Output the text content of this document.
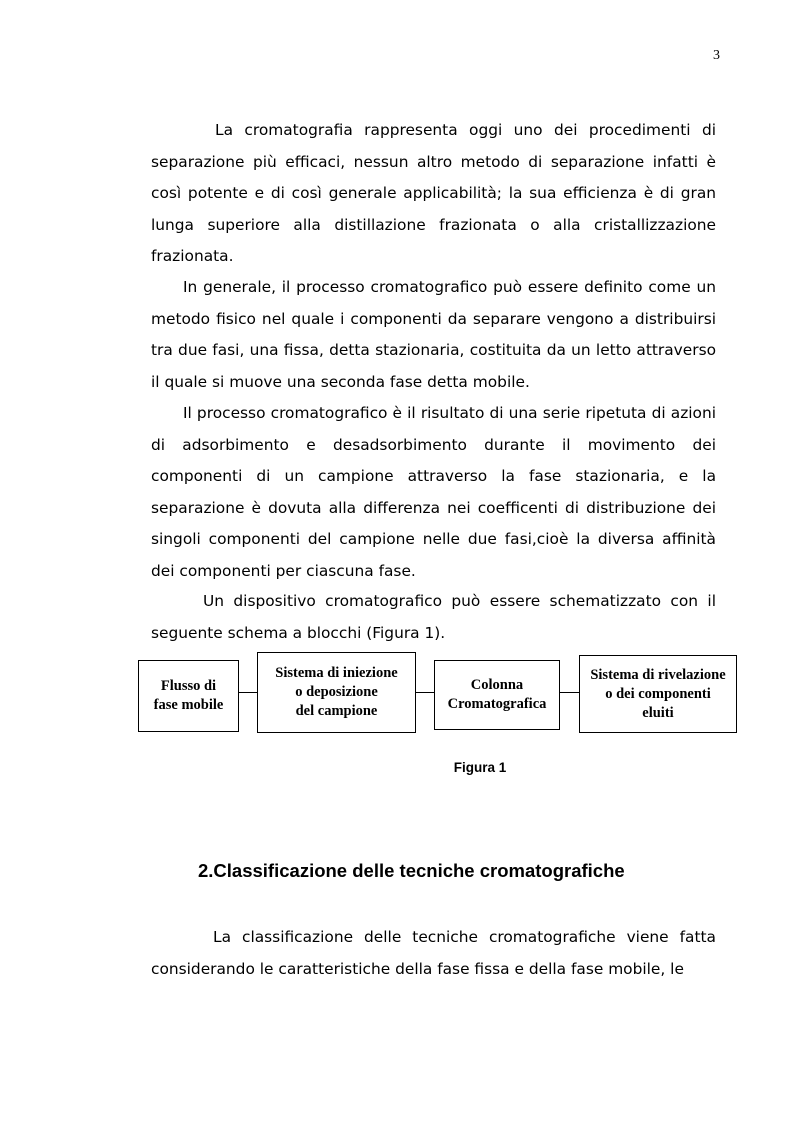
3

La cromatografia rappresenta oggi uno dei procedimenti di separazione più efficaci, nessun altro metodo di separazione infatti è così potente e di così generale applicabilità; la sua efficienza è di gran lunga superiore alla distillazione frazionata o alla cristallizzazione frazionata.

In generale, il processo cromatografico può essere definito come un metodo fisico nel quale i componenti da separare vengono a distribuirsi tra due fasi, una fissa, detta stazionaria, costituita da un letto attraverso il quale si muove una seconda fase detta mobile.

Il processo cromatografico è il risultato di una serie ripetuta di azioni di adsorbimento e desadsorbimento durante il movimento dei componenti di un campione attraverso la fase stazionaria, e la separazione è dovuta alla differenza nei coefficenti di distribuzione dei singoli componenti del campione nelle due fasi,cioè la diversa affinità dei componenti per ciascuna fase.

Un dispositivo cromatografico può essere schematizzato con il seguente schema a blocchi (Figura 1).

Flusso di
fase mobile
Sistema di iniezione
o deposizione
del campione
Colonna
Cromatografica
Sistema di rivelazione
o dei componenti
eluiti
Figura 1
2.Classificazione delle tecniche cromatografiche

La classificazione delle tecniche cromatografiche viene fatta considerando le caratteristiche della fase fissa e della fase mobile, le
